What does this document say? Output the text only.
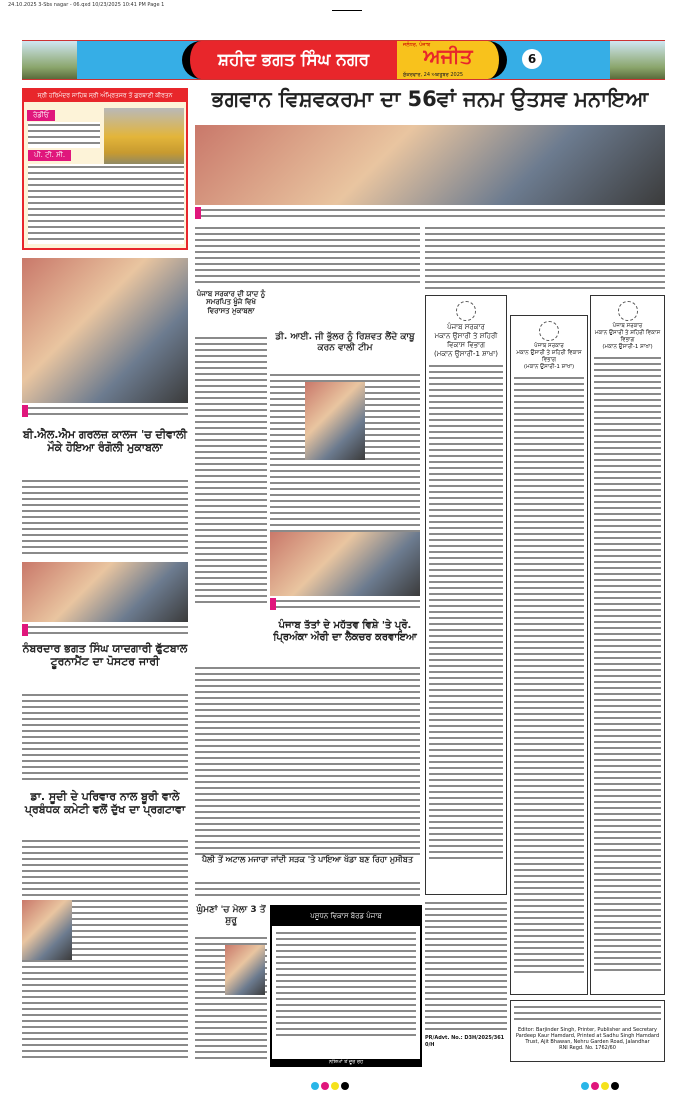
24.10.2025 3-Sbs nagar - 06.qxd 10/23/2025 10:41 PM Page 1
ਸ਼ਹੀਦ ਭਗਤ ਸਿੰਘ ਨਗਰ
ਜਲੰਧਰ, ਪੰਜਾਬ
ਅਜੀਤ
ਸ਼ੁੱਕਰਵਾਰ, 24 ਅਕਤੂਬਰ 2025
6
ਭਗਵਾਨ ਵਿਸ਼ਵਕਰਮਾ ਦਾ 56ਵਾਂ ਜਨਮ ਉਤਸਵ ਮਨਾਇਆ
ਸ੍ਰੀ ਹਰਿਮੰਦਰ ਸਾਹਿਬ ਸ੍ਰੀ ਅੰਮ੍ਰਿਤਸਰ ਤੋਂ ਗੁਰਬਾਣੀ ਕੀਰਤਨ
ਰੇਡੀਓ
ਪੀ. ਟੀ. ਸੀ.
ਬੀ.ਐਲ.ਐਮ ਗਰਲਜ਼ ਕਾਲਜ 'ਚ ਦੀਵਾਲੀ ਮੌਕੇ ਹੋਇਆ ਰੰਗੋਲੀ ਮੁਕਾਬਲਾ
ਨੰਬਰਦਾਰ ਭਗਤ ਸਿੰਘ ਯਾਦਗਾਰੀ ਫੁੱਟਬਾਲ ਟੂਰਨਾਮੈਂਟ ਦਾ ਪੋਸਟਰ ਜਾਰੀ
ਡਾ. ਸੂਦੀ ਦੇ ਪਰਿਵਾਰ ਨਾਲ ਬੂਰੀ ਵਾਲੇ ਪ੍ਰਬੰਧਕ ਕਮੇਟੀ ਵਲੋਂ ਦੁੱਖ ਦਾ ਪ੍ਰਗਟਾਵਾ
ਪੰਜਾਬ ਸਰਕਾਰ ਦੀ ਯਾਦ ਨੂੰ ਸਮਰਪਿਤ ਖੂੰਜੇ ਵਿਖੇ ਵਿਰਾਸਤ ਮੁਕਾਬਲਾ
ਡੀ. ਆਈ. ਜੀ ਭੁੱਲਰ ਨੂੰ ਰਿਸ਼ਵਤ ਲੈਂਦੇ ਕਾਬੂ ਕਰਨ ਵਾਲੀ ਟੀਮ
ਪੰਜਾਬ ਤੱਤਾਂ ਦੇ ਮਹੱਤਵ ਵਿਸ਼ੇ 'ਤੇ ਪ੍ਰੋ. ਪ੍ਰਿਅੰਕਾ ਔਰੀ ਦਾ ਲੈਕਚਰ ਕਰਵਾਇਆ
ਪੈਲੀ ਤੋਂ ਅਟਾਲ ਮਜਾਰਾ ਜਾਂਦੀ ਸੜਕ 'ਤੇ ਪਾਇਆ ਖੱਡਾ ਬਣ ਰਿਹਾ ਮੁਸੀਬਤ
ਘੁੰਮਣਾਂ 'ਚ ਮੇਲਾ 3 ਤੋਂ ਸ਼ੁਰੂ	ਪਸ਼ੂਧਨ ਵਿਕਾਸ ਬੋਰਡ ਪੰਜਾਬ
ਨਸ਼ਿਆਂ ਤੋਂ ਦੂਰ ਰਹੋ
ਪੰਜਾਬ ਸਰਕਾਰ
ਮਕਾਨ ਉਸਾਰੀ ਤੇ ਸ਼ਹਿਰੀ ਵਿਕਾਸ ਵਿਭਾਗ
(ਮਕਾਨ ਉਸਾਰੀ-1 ਸ਼ਾਖਾ)
PR/Advt. No.: D3H/2025/3610/H
ਪੰਜਾਬ ਸਰਕਾਰ
ਮਕਾਨ ਉਸਾਰੀ ਤੇ ਸ਼ਹਿਰੀ ਵਿਕਾਸ ਵਿਭਾਗ
(ਮਕਾਨ ਉਸਾਰੀ-1 ਸ਼ਾਖਾ)
ਪੰਜਾਬ ਸਰਕਾਰ
ਮਕਾਨ ਉਸਾਰੀ ਤੇ ਸ਼ਹਿਰੀ ਵਿਕਾਸ ਵਿਭਾਗ
(ਮਕਾਨ ਉਸਾਰੀ-1 ਸ਼ਾਖਾ)
Editor: Barjinder Singh, Printer, Publisher and Secretary Pardeep Kaur Hamdard, Printed at Sadhu Singh Hamdard Trust, Ajit Bhawan, Nehru Garden Road, Jalandhar
RNI Regd. No. 1762/60
